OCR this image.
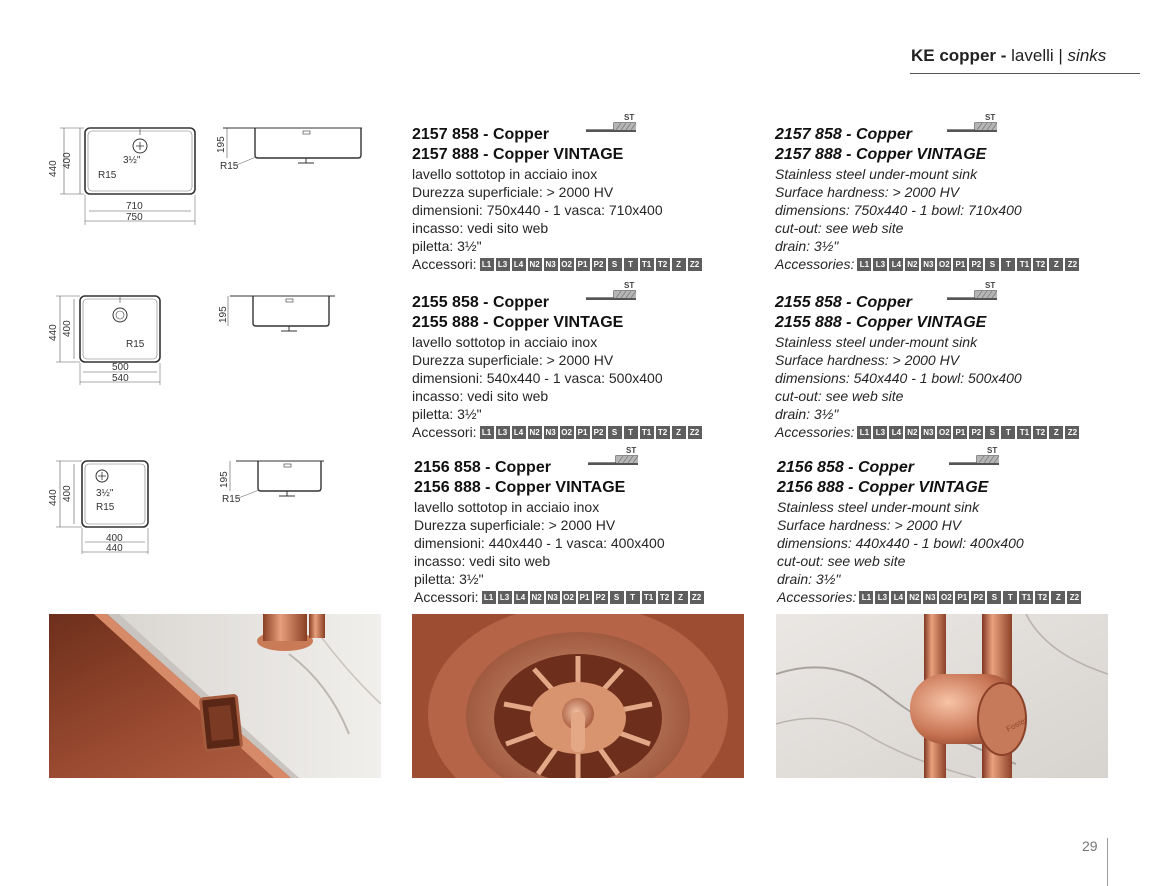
KE copper - lavelli | sinks
3½"
R15
440 400
710
750
195
R15
R15
440 400
500
540
195
3½"
R15
440 400
400
440
195
R15
2157 858 - Copper
ST
2157 888 - Copper VINTAGE
lavello sottotop in acciaio inox
Durezza superficiale: > 2000 HV
dimensioni: 750x440 - 1 vasca: 710x400
incasso: vedi sito web
piletta: 3½"
Accessori: L1 L3 L4 N2 N3 O2 P1 P2	S	T	T1 T2	Z	Z2
2157 858 - Copper
ST
2157 888 - Copper VINTAGE
Stainless steel under-mount sink
Surface hardness: > 2000 HV
dimensions: 750x440 - 1 bowl: 710x400
cut-out: see web site
drain: 3½"
Accessories: L1 L3 L4 N2 N3 O2 P1 P2	S	T	T1 T2	Z	Z2
2155 858 - Copper
ST
2155 888 - Copper VINTAGE
lavello sottotop in acciaio inox
Durezza superficiale: > 2000 HV
dimensioni: 540x440 - 1 vasca: 500x400
incasso: vedi sito web
piletta: 3½"
Accessori: L1 L3 L4 N2 N3 O2 P1 P2	S	T	T1 T2	Z	Z2
2155 858 - Copper
ST
2155 888 - Copper VINTAGE
Stainless steel under-mount sink
Surface hardness: > 2000 HV
dimensions: 540x440 - 1 bowl: 500x400
cut-out: see web site
drain: 3½"
Accessories: L1 L3 L4 N2 N3 O2 P1 P2	S	T	T1 T2	Z	Z2
2156 858 - Copper
ST
2156 888 - Copper VINTAGE
lavello sottotop in acciaio inox
Durezza superficiale: > 2000 HV
dimensioni: 440x440 - 1 vasca: 400x400
incasso: vedi sito web
piletta: 3½"
Accessori: L1 L3 L4 N2 N3 O2 P1 P2	S	T	T1 T2	Z	Z2
2156 858 - Copper
ST
2156 888 - Copper VINTAGE
Stainless steel under-mount sink
Surface hardness: > 2000 HV
dimensions: 440x440 - 1 bowl: 400x400
cut-out: see web site
drain: 3½"
Accessories: L1 L3 L4 N2 N3 O2 P1 P2	S	T	T1 T2	Z	Z2
Foster
29
